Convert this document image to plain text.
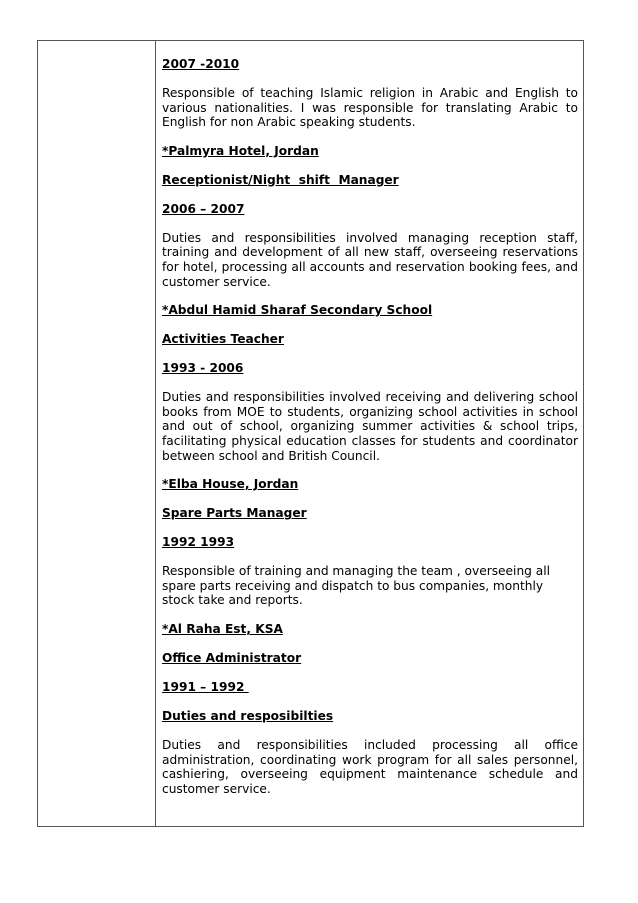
2007 -2010
Responsible of teaching Islamic religion in Arabic and English to various nationalities. I was responsible for translating Arabic to English for non Arabic speaking students.
*Palmyra Hotel, Jordan
Receptionist/Night  shift  Manager
2006 – 2007
Duties and responsibilities involved managing reception staff, training and development of all new staff, overseeing reservations for hotel, processing all accounts and reservation booking fees, and customer service.
*Abdul Hamid Sharaf Secondary School
Activities Teacher
1993 - 2006
Duties and responsibilities involved receiving and delivering school books from MOE to students, organizing school activities in school and out of school, organizing summer activities & school trips, facilitating physical education classes for students and coordinator between school and British Council.
*Elba House, Jordan
Spare Parts Manager
1992 1993
Responsible of training and managing the team , overseeing all spare parts receiving and dispatch to bus companies, monthly stock take and reports.
*Al Raha Est, KSA
Office Administrator
1991 – 1992
Duties and resposibilties
Duties and responsibilities included processing all office administration, coordinating work program for all sales personnel, cashiering, overseeing equipment maintenance schedule and customer service.
